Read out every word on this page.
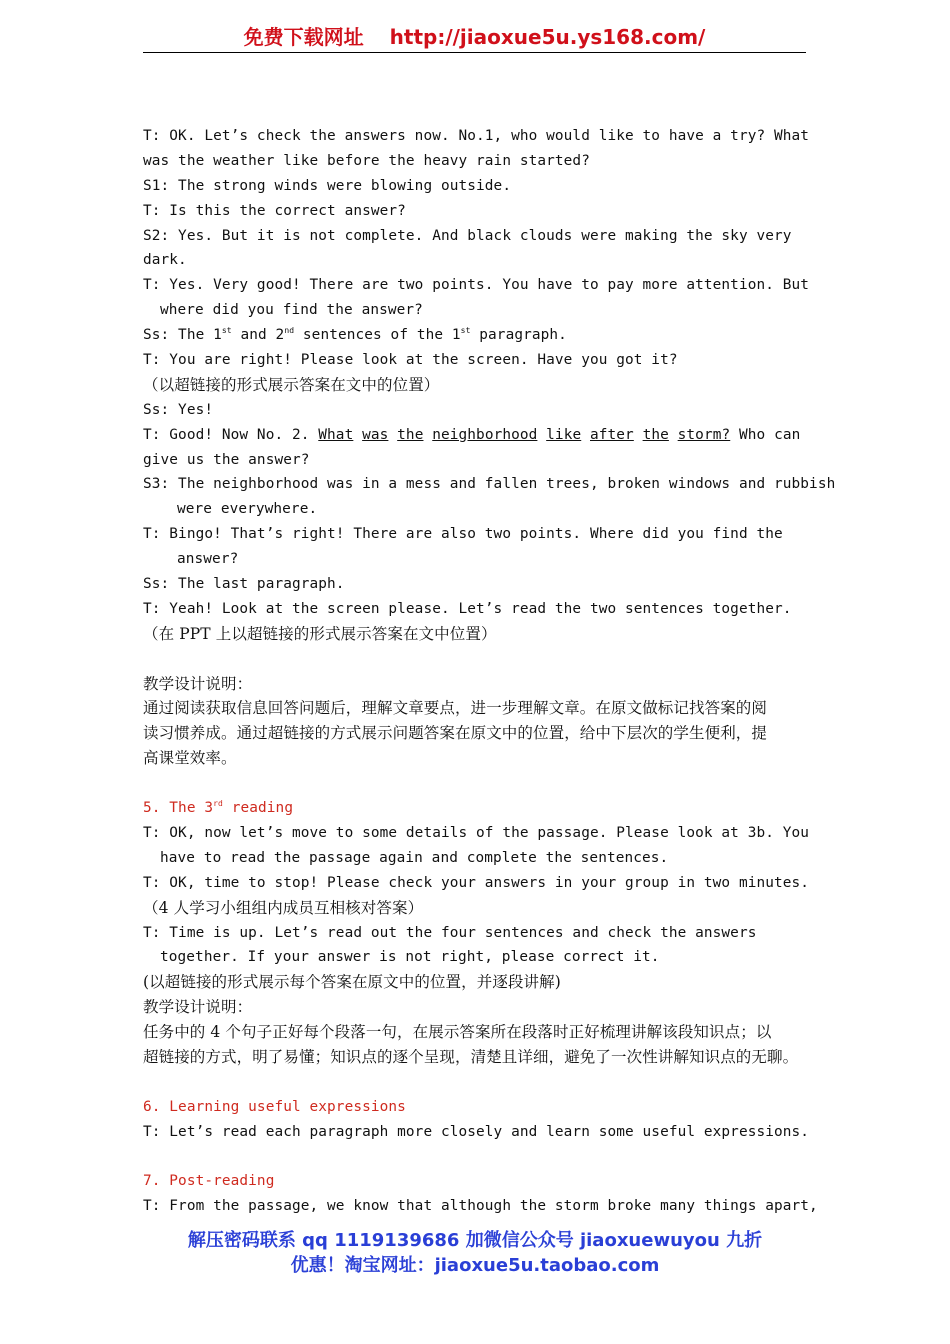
免费下载网址 http://jiaoxue5u.ys168.com/
T: OK. Let’s check the answers now. No.1, who would like to have a try? What
was the weather like before the heavy rain started?
S1: The strong winds were blowing outside.
T: Is this the correct answer?
S2: Yes. But it is not complete. And black clouds were making the sky very
dark.
T: Yes. Very good! There are two points. You have to pay more attention. But
where did you find the answer?
Ss: The 1st and 2nd sentences of the 1st paragraph.
T: You are right! Please look at the screen. Have you got it?
（以超链接的形式展示答案在文中的位置）
Ss: Yes!
T: Good! Now No. 2. What was the neighborhood like after the storm? Who can
give us the answer?
S3: The neighborhood was in a mess and fallen trees, broken windows and rubbish
were everywhere.
T: Bingo! That’s right! There are also two points. Where did you find the
answer?
Ss: The last paragraph.
T: Yeah! Look at the screen please. Let’s read the two sentences together.
（在 PPT 上以超链接的形式展示答案在文中位置）
教学设计说明：
通过阅读获取信息回答问题后，理解文章要点，进一步理解文章。在原文做标记找答案的阅
读习惯养成。通过超链接的方式展示问题答案在原文中的位置，给中下层次的学生便利，提
高课堂效率。
5. The 3rd reading
T: OK, now let’s move to some details of the passage. Please look at 3b. You
have to read the passage again and complete the sentences.
T: OK, time to stop! Please check your answers in your group in two minutes.
（4 人学习小组组内成员互相核对答案）
T: Time is up. Let’s read out the four sentences and check the answers
together. If your answer is not right, please correct it.
(以超链接的形式展示每个答案在原文中的位置，并逐段讲解)
教学设计说明：
任务中的 4 个句子正好每个段落一句，在展示答案所在段落时正好梳理讲解该段知识点；以
超链接的方式，明了易懂；知识点的逐个呈现，清楚且详细，避免了一次性讲解知识点的无聊。
6. Learning useful expressions
T: Let’s read each paragraph more closely and learn some useful expressions.
7. Post-reading
T: From the passage, we know that although the storm broke many things apart,
解压密码联系 qq 1119139686 加微信公众号 jiaoxuewuyou 九折
优惠！淘宝网址：jiaoxue5u.taobao.com
